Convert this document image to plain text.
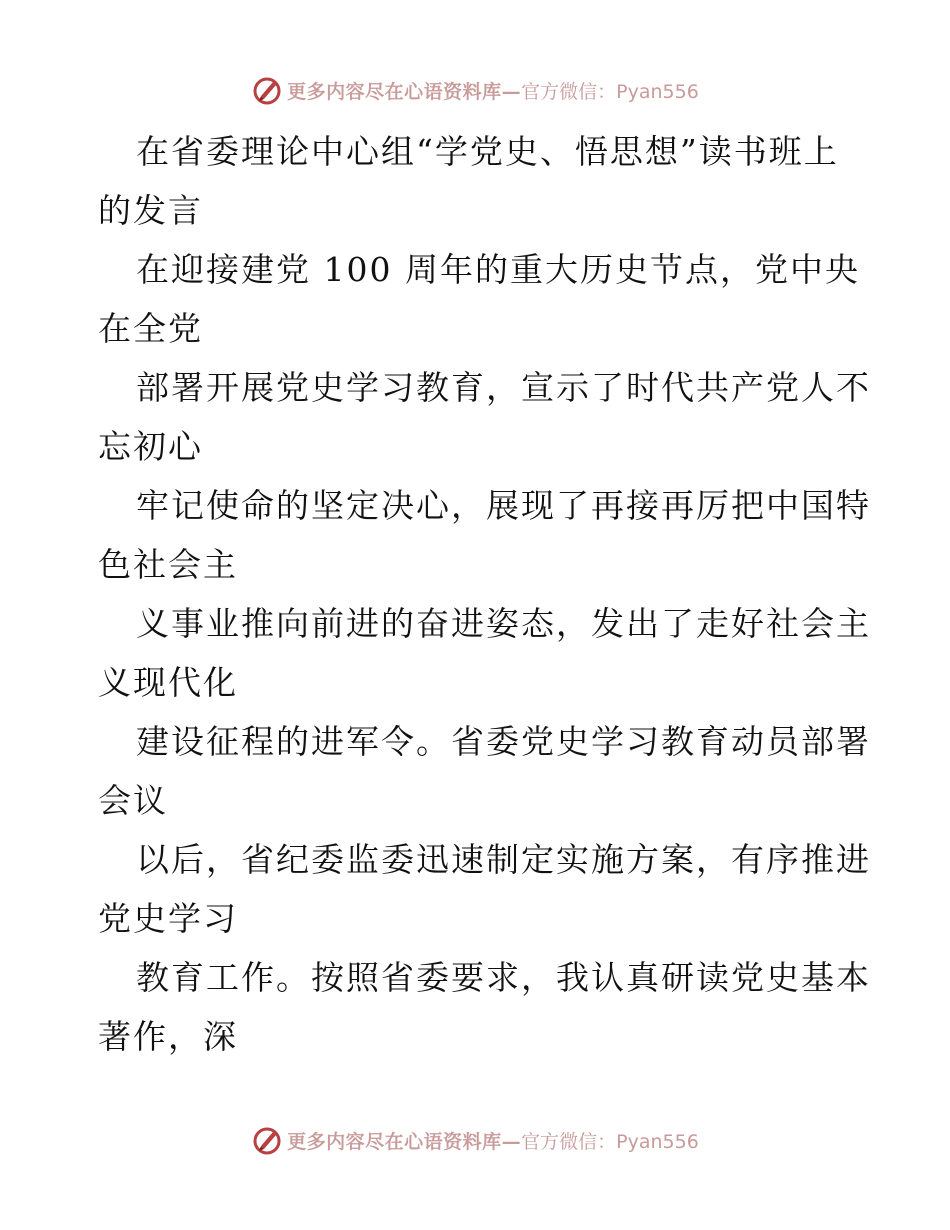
更多内容尽在心语资料库— 官方微信：Pyan556
在省委理论中心组“学党史、悟思想”读书班上
的发言
在迎接建党 100 周年的重大历史节点，党中央
在全党
部署开展党史学习教育，宣示了时代共产党人不
忘初心
牢记使命的坚定决心，展现了再接再厉把中国特
色社会主
义事业推向前进的奋进姿态，发出了走好社会主
义现代化
建设征程的进军令。省委党史学习教育动员部署
会议
以后，省纪委监委迅速制定实施方案，有序推进
党史学习
教育工作。按照省委要求，我认真研读党史基本
著作，深
更多内容尽在心语资料库— 官方微信：Pyan556
